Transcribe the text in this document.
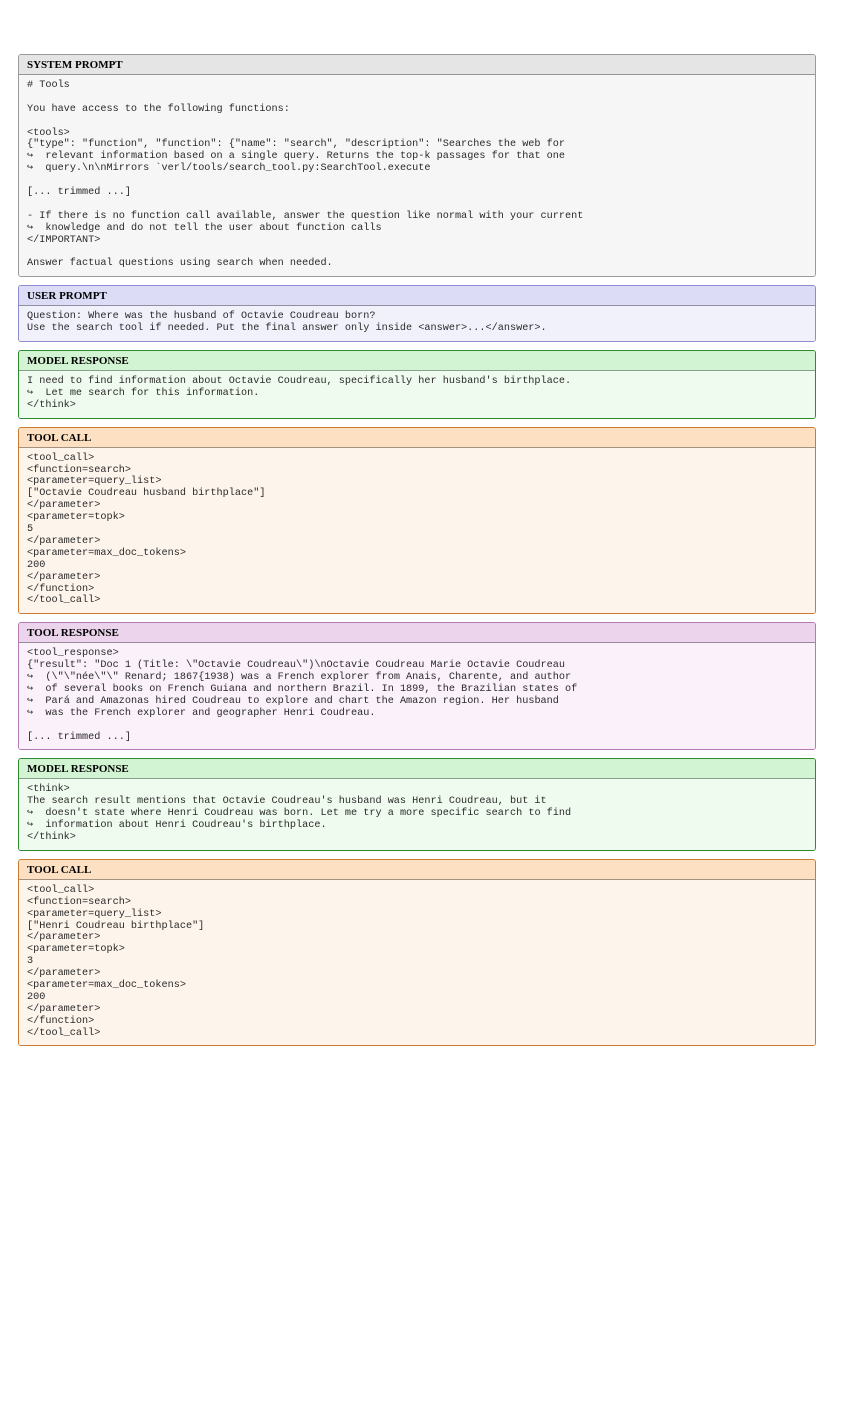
SYSTEM PROMPT
# Tools
You have access to the following functions:
<tools>
{"type": "function", "function": {"name": "search", "description": "Searches the web for
↪  relevant information based on a single query. Returns the top-k passages for that one
↪  query.\n\nMirrors `verl/tools/search_tool.py:SearchTool.execute
[... trimmed ...]
- If there is no function call available, answer the question like normal with your current
↪  knowledge and do not tell the user about function calls
</IMPORTANT>
Answer factual questions using search when needed.
USER PROMPT
Question: Where was the husband of Octavie Coudreau born?
Use the search tool if needed. Put the final answer only inside <answer>...</answer>.
MODEL RESPONSE
I need to find information about Octavie Coudreau, specifically her husband's birthplace.
↪  Let me search for this information.
</think>
TOOL CALL
<tool_call>
<function=search>
<parameter=query_list>
["Octavie Coudreau husband birthplace"]
</parameter>
<parameter=topk>
5
</parameter>
<parameter=max_doc_tokens>
200
</parameter>
</function>
</tool_call>
TOOL RESPONSE
<tool_response>
{"result": "Doc 1 (Title: \"Octavie Coudreau\")\nOctavie Coudreau Marie Octavie Coudreau
↪  (\"\"née\"\" Renard; 1867{1938) was a French explorer from Anais, Charente, and author
↪  of several books on French Guiana and northern Brazil. In 1899, the Brazilian states of
↪  Pará and Amazonas hired Coudreau to explore and chart the Amazon region. Her husband
↪  was the French explorer and geographer Henri Coudreau.
[... trimmed ...]
MODEL RESPONSE
<think>
The search result mentions that Octavie Coudreau's husband was Henri Coudreau, but it
↪  doesn't state where Henri Coudreau was born. Let me try a more specific search to find
↪  information about Henri Coudreau's birthplace.
</think>
TOOL CALL
<tool_call>
<function=search>
<parameter=query_list>
["Henri Coudreau birthplace"]
</parameter>
<parameter=topk>
3
</parameter>
<parameter=max_doc_tokens>
200
</parameter>
</function>
</tool_call>
